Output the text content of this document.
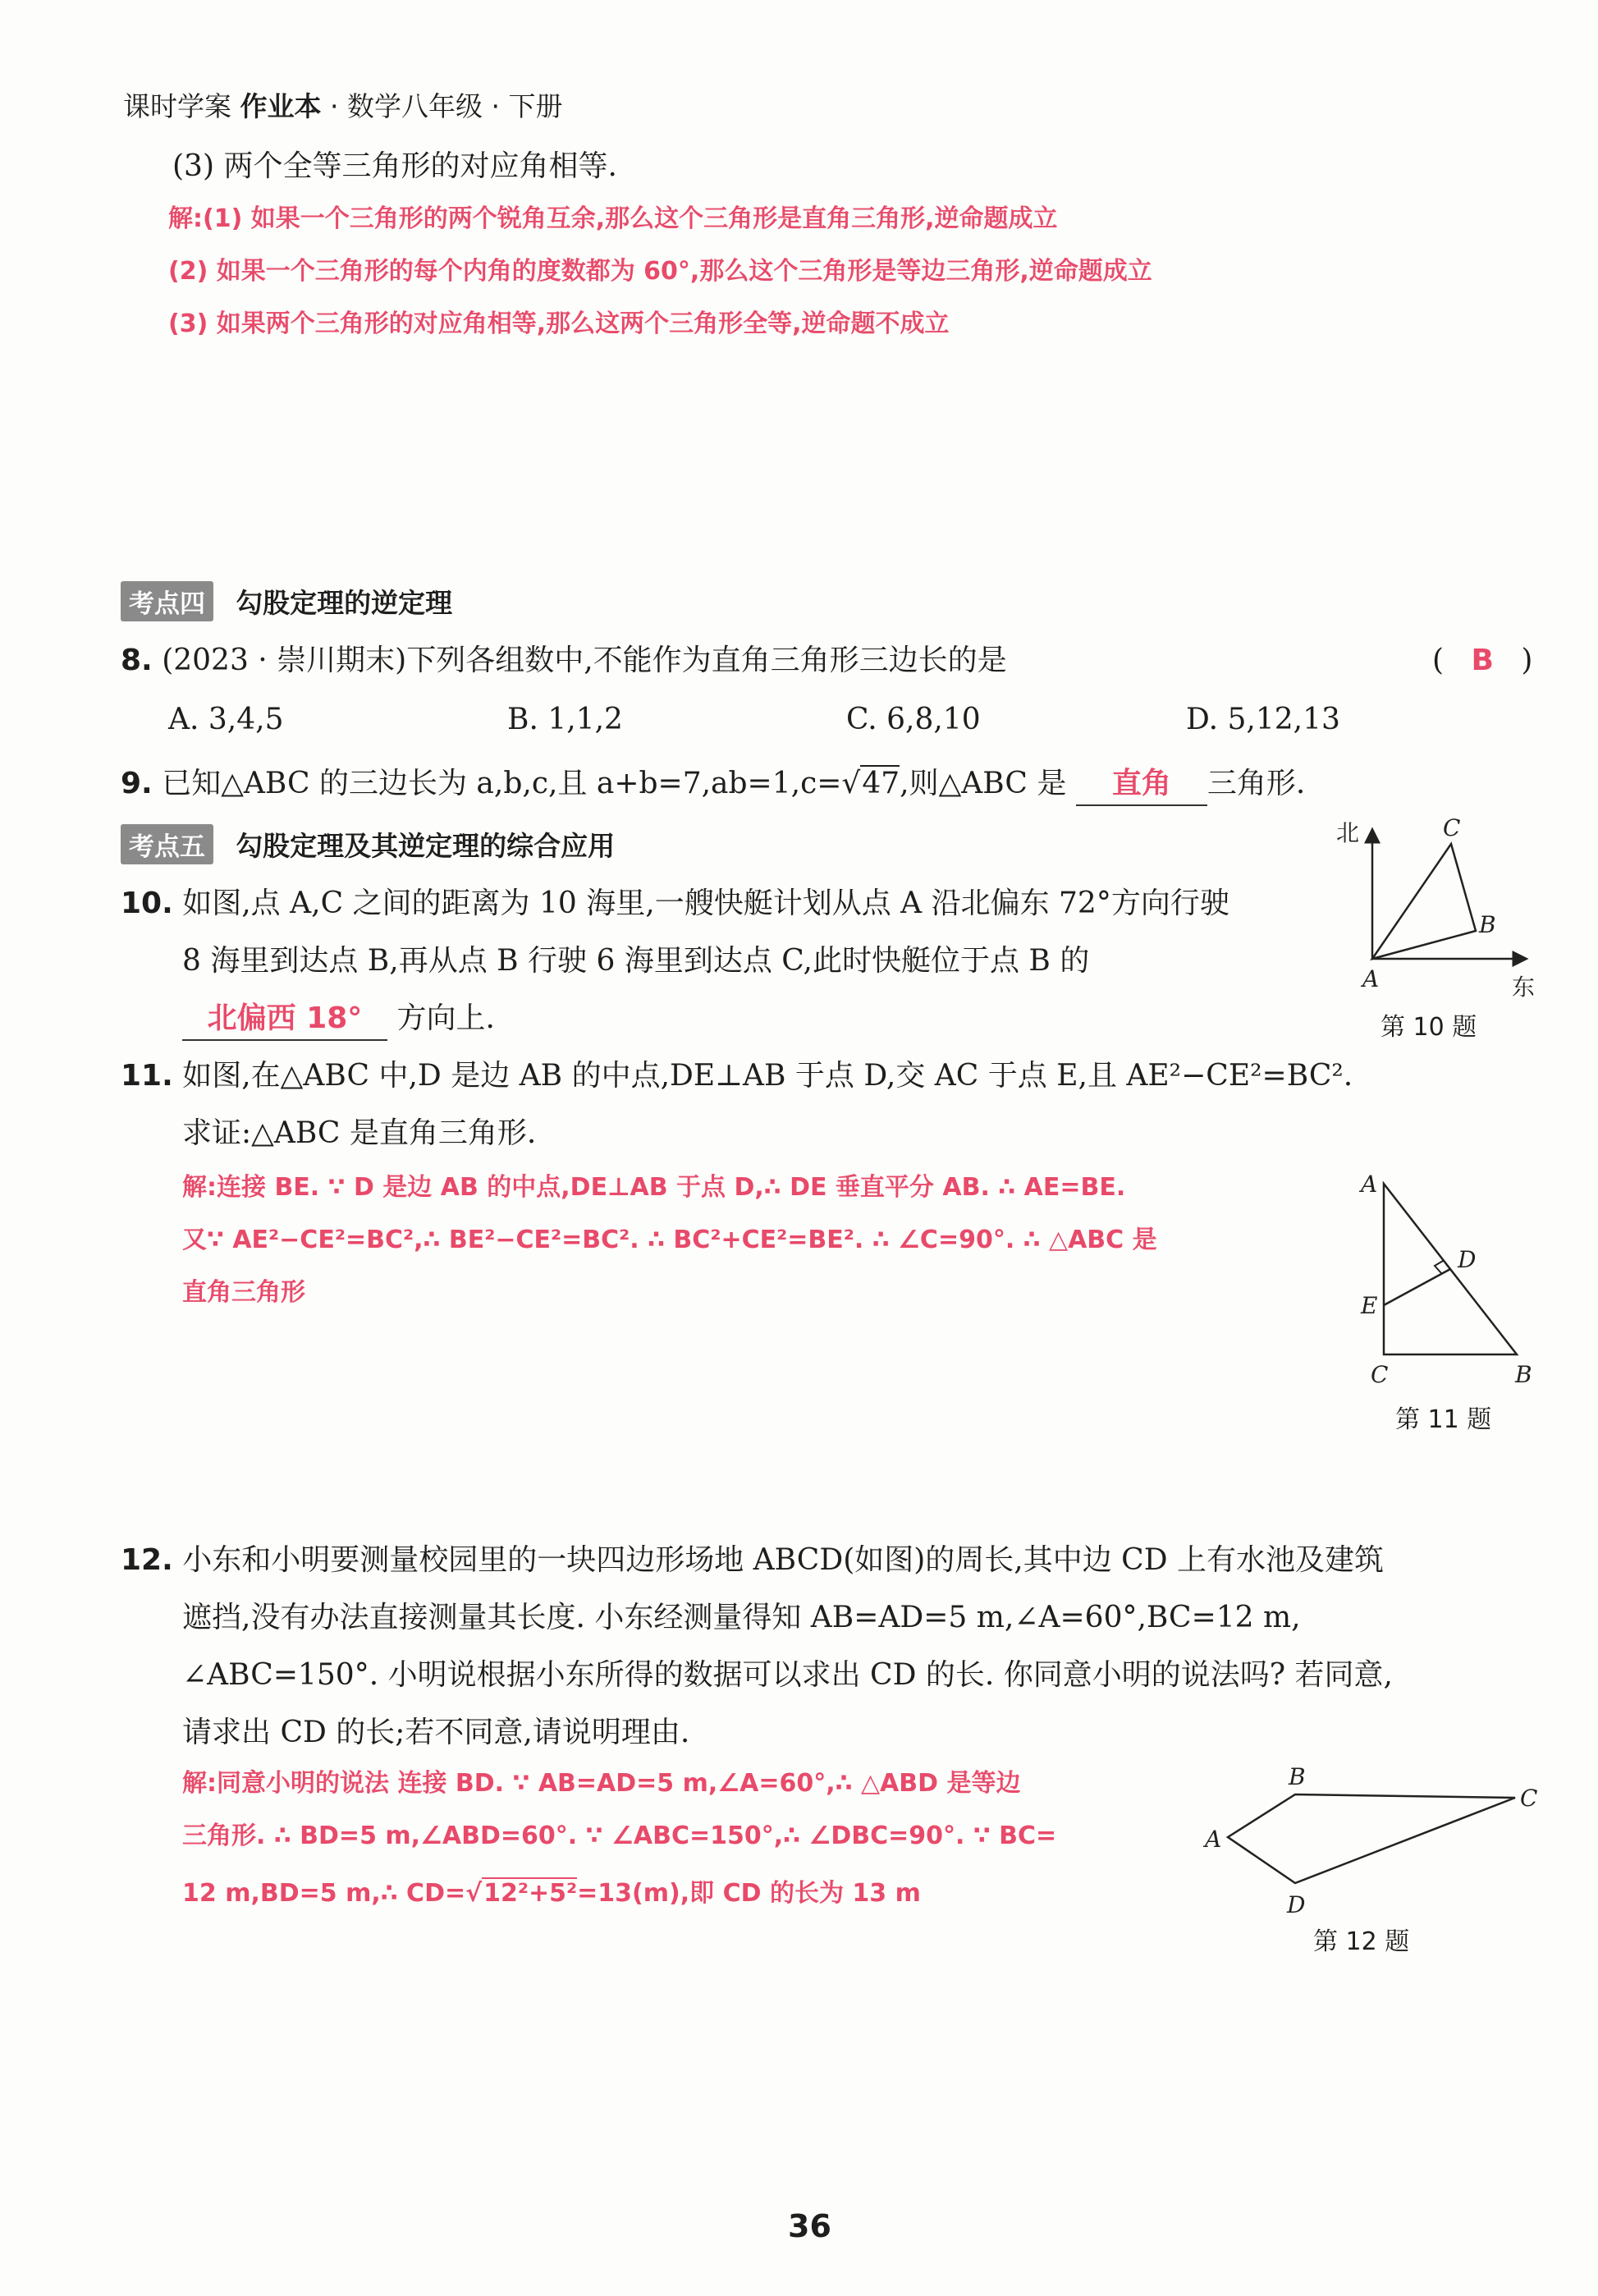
课时学案 作业本 · 数学八年级 · 下册
(3) 两个全等三角形的对应角相等.
解:(1) 如果一个三角形的两个锐角互余,那么这个三角形是直角三角形,逆命题成立
(2) 如果一个三角形的每个内角的度数都为 60°,那么这个三角形是等边三角形,逆命题成立
(3) 如果两个三角形的对应角相等,那么这两个三角形全等,逆命题不成立
考点四 勾股定理的逆定理
8. (2023 · 崇川期末)下列各组数中,不能作为直角三角形三边长的是	( B )
A. 3,4,5	B. 1,1,2	C. 6,8,10	D. 5,12,13
9. 已知△ABC 的三边长为 a,b,c,且 a+b=7,ab=1,c=√47,则△ABC 是 直角 三角形.
考点五 勾股定理及其逆定理的综合应用
10. 如图,点 A,C 之间的距离为 10 海里,一艘快艇计划从点 A 沿北偏东 72°方向行驶
8 海里到达点 B,再从点 B 行驶 6 海里到达点 C,此时快艇位于点 B 的
北偏西 18° 方向上.
北
东
A
B
C
第 10 题
11. 如图,在△ABC 中,D 是边 AB 的中点,DE⊥AB 于点 D,交 AC 于点 E,且 AE²−CE²=BC².
求证:△ABC 是直角三角形.
解:连接 BE. ∵ D 是边 AB 的中点,DE⊥AB 于点 D,∴ DE 垂直平分 AB. ∴ AE=BE.
又∵ AE²−CE²=BC²,∴ BE²−CE²=BC². ∴ BC²+CE²=BE². ∴ ∠C=90°. ∴ △ABC 是
直角三角形
A
D
E
C	B
第 11 题
12. 小东和小明要测量校园里的一块四边形场地 ABCD(如图)的周长,其中边 CD 上有水池及建筑
遮挡,没有办法直接测量其长度. 小东经测量得知 AB=AD=5 m,∠A=60°,BC=12 m,
∠ABC=150°. 小明说根据小东所得的数据可以求出 CD 的长. 你同意小明的说法吗? 若同意,
请求出 CD 的长;若不同意,请说明理由.
解:同意小明的说法 连接 BD. ∵ AB=AD=5 m,∠A=60°,∴ △ABD 是等边
三角形. ∴ BD=5 m,∠ABD=60°. ∵ ∠ABC=150°,∴ ∠DBC=90°. ∵ BC=
12 m,BD=5 m,∴ CD=√12²+5²=13(m),即 CD 的长为 13 m
A
B
C
D
第 12 题
36
